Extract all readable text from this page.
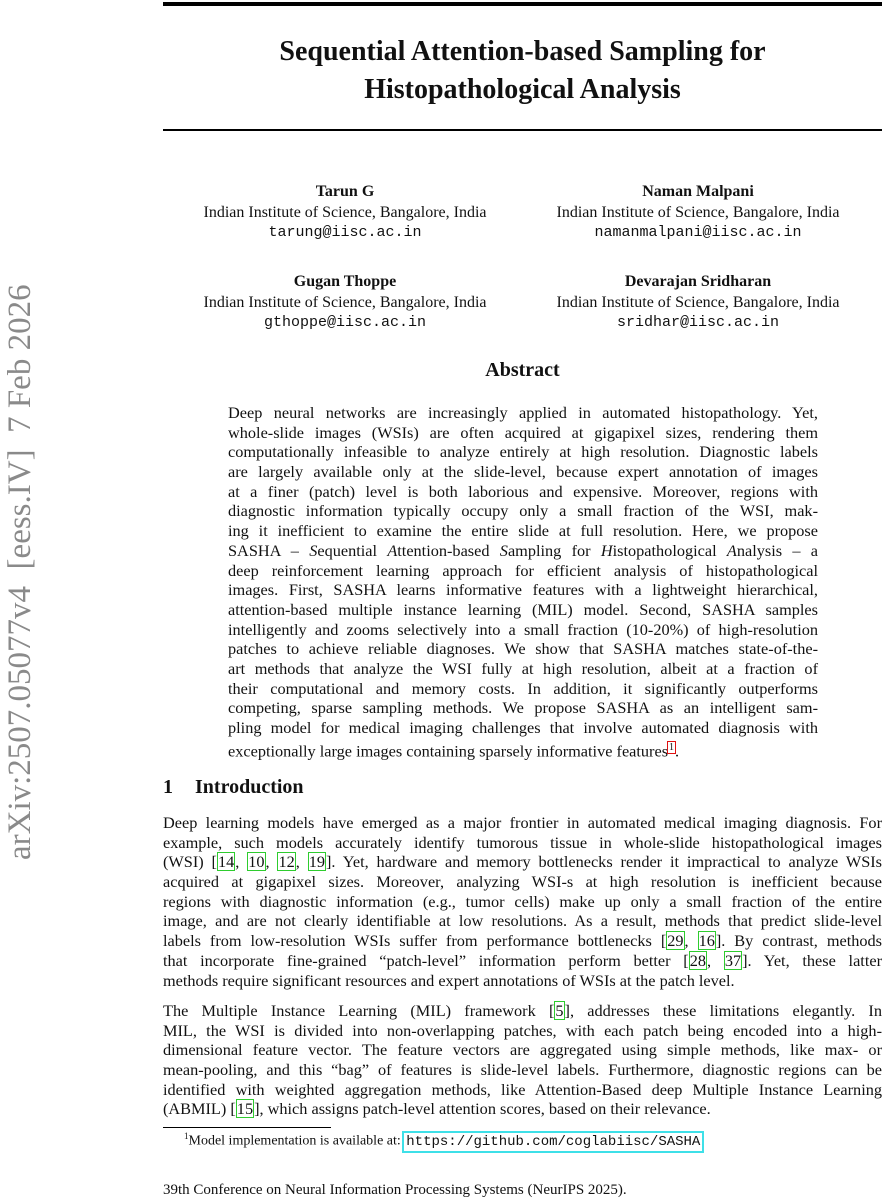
arXiv:2507.05077v4  [eess.IV]  7 Feb 2026
Sequential Attention-based Sampling for
Histopathological Analysis
Tarun G
Indian Institute of Science, Bangalore, India
tarung@iisc.ac.in
Naman Malpani
Indian Institute of Science, Bangalore, India
namanmalpani@iisc.ac.in
Gugan Thoppe
Indian Institute of Science, Bangalore, India
gthoppe@iisc.ac.in
Devarajan Sridharan
Indian Institute of Science, Bangalore, India
sridhar@iisc.ac.in
Abstract
Deep neural networks are increasingly applied in automated histopathology. Yet,
whole-slide images (WSIs) are often acquired at gigapixel sizes, rendering them
computationally infeasible to analyze entirely at high resolution. Diagnostic labels
are largely available only at the slide-level, because expert annotation of images
at a finer (patch) level is both laborious and expensive. Moreover, regions with
diagnostic information typically occupy only a small fraction of the WSI, mak-
ing it inefficient to examine the entire slide at full resolution. Here, we propose
SASHA – Sequential Attention-based Sampling for Histopathological Analysis – a
deep reinforcement learning approach for efficient analysis of histopathological
images. First, SASHA learns informative features with a lightweight hierarchical,
attention-based multiple instance learning (MIL) model. Second, SASHA samples
intelligently and zooms selectively into a small fraction (10-20%) of high-resolution
patches to achieve reliable diagnoses. We show that SASHA matches state-of-the-
art methods that analyze the WSI fully at high resolution, albeit at a fraction of
their computational and memory costs. In addition, it significantly outperforms
competing, sparse sampling methods. We propose SASHA as an intelligent sam-
pling model for medical imaging challenges that involve automated diagnosis with
exceptionally large images containing sparsely informative features$^1$.
1 Introduction
Deep learning models have emerged as a major frontier in automated medical imaging diagnosis. For
example, such models accurately identify tumorous tissue in whole-slide histopathological images
(WSI) [14, 10, 12, 19]. Yet, hardware and memory bottlenecks render it impractical to analyze WSIs
acquired at gigapixel sizes. Moreover, analyzing WSI-s at high resolution is inefficient because
regions with diagnostic information (e.g., tumor cells) make up only a small fraction of the entire
image, and are not clearly identifiable at low resolutions. As a result, methods that predict slide-level
labels from low-resolution WSIs suffer from performance bottlenecks [29, 16]. By contrast, methods
that incorporate fine-grained “patch-level” information perform better [28, 37]. Yet, these latter
methods require significant resources and expert annotations of WSIs at the patch level.
The Multiple Instance Learning (MIL) framework [5], addresses these limitations elegantly. In
MIL, the WSI is divided into non-overlapping patches, with each patch being encoded into a high-
dimensional feature vector. The feature vectors are aggregated using simple methods, like max- or
mean-pooling, and this “bag” of features is slide-level labels. Furthermore, diagnostic regions can be
identified with weighted aggregation methods, like Attention-Based deep Multiple Instance Learning
(ABMIL) [15], which assigns patch-level attention scores, based on their relevance.
$^1$Model implementation is available at: https://github.com/coglabiisc/SASHA
39th Conference on Neural Information Processing Systems (NeurIPS 2025).
